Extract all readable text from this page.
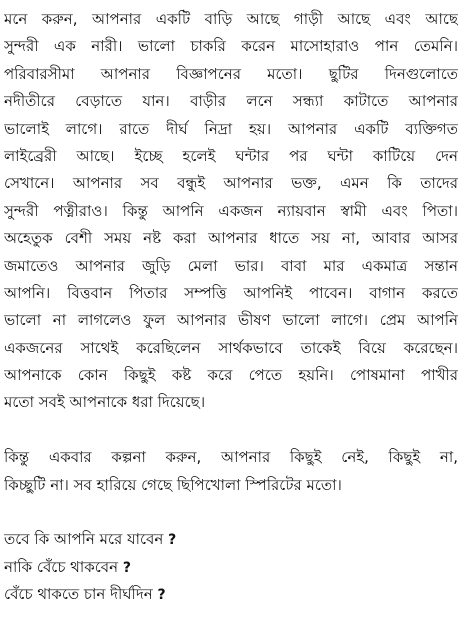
মনে করুন, আপনার একটি বাড়ি আছে গাড়ী আছে এবং আছে
সুন্দরী এক নারী। ভালো চাকরি করেন মাসোহারাও পান তেমনি।
পরিবারসীমা আপনার বিজ্ঞাপনের মতো। ছুটির দিনগুলোতে
নদীতীরে বেড়াতে যান। বাড়ীর লনে সন্ধ্যা কাটাতে আপনার
ভালোই লাগে। রাতে দীর্ঘ নিদ্রা হয়। আপনার একটি ব্যক্তিগত
লাইব্রেরী আছে। ইচ্ছে হলেই ঘন্টার পর ঘন্টা কাটিয়ে দেন
সেখানে। আপনার সব বন্ধুই আপনার ভক্ত, এমন কি তাদের
সুন্দরী পত্নীরাও। কিন্তু আপনি একজন ন্যায়বান স্বামী এবং পিতা।
অহেতুক বেশী সময় নষ্ট করা আপনার ধাতে সয় না, আবার আসর
জমাতেও আপনার জুড়ি মেলা ভার। বাবা মার একমাত্র সন্তান
আপনি। বিত্তবান পিতার সম্পত্তি আপনিই পাবেন। বাগান করতে
ভালো না লাগলেও ফুল আপনার ভীষণ ভালো লাগে। প্রেম আপনি
একজনের সাথেই করেছিলেন সার্থকভাবে তাকেই বিয়ে করেছেন।
আপনাকে কোন কিছুই কষ্ট করে পেতে হয়নি। পোষমানা পাখীর
মতো সবই আপনাকে ধরা দিয়েছে।
কিন্তু একবার কল্পনা করুন, আপনার কিছুই নেই, কিছুই না,
কিচ্ছুটি না। সব হারিয়ে গেছে ছিপিখোলা স্পিরিটের মতো।
তবে কি আপনি মরে যাবেন ?
নাকি বেঁচে থাকবেন ?
বেঁচে থাকতে চান দীর্ঘদিন ?
